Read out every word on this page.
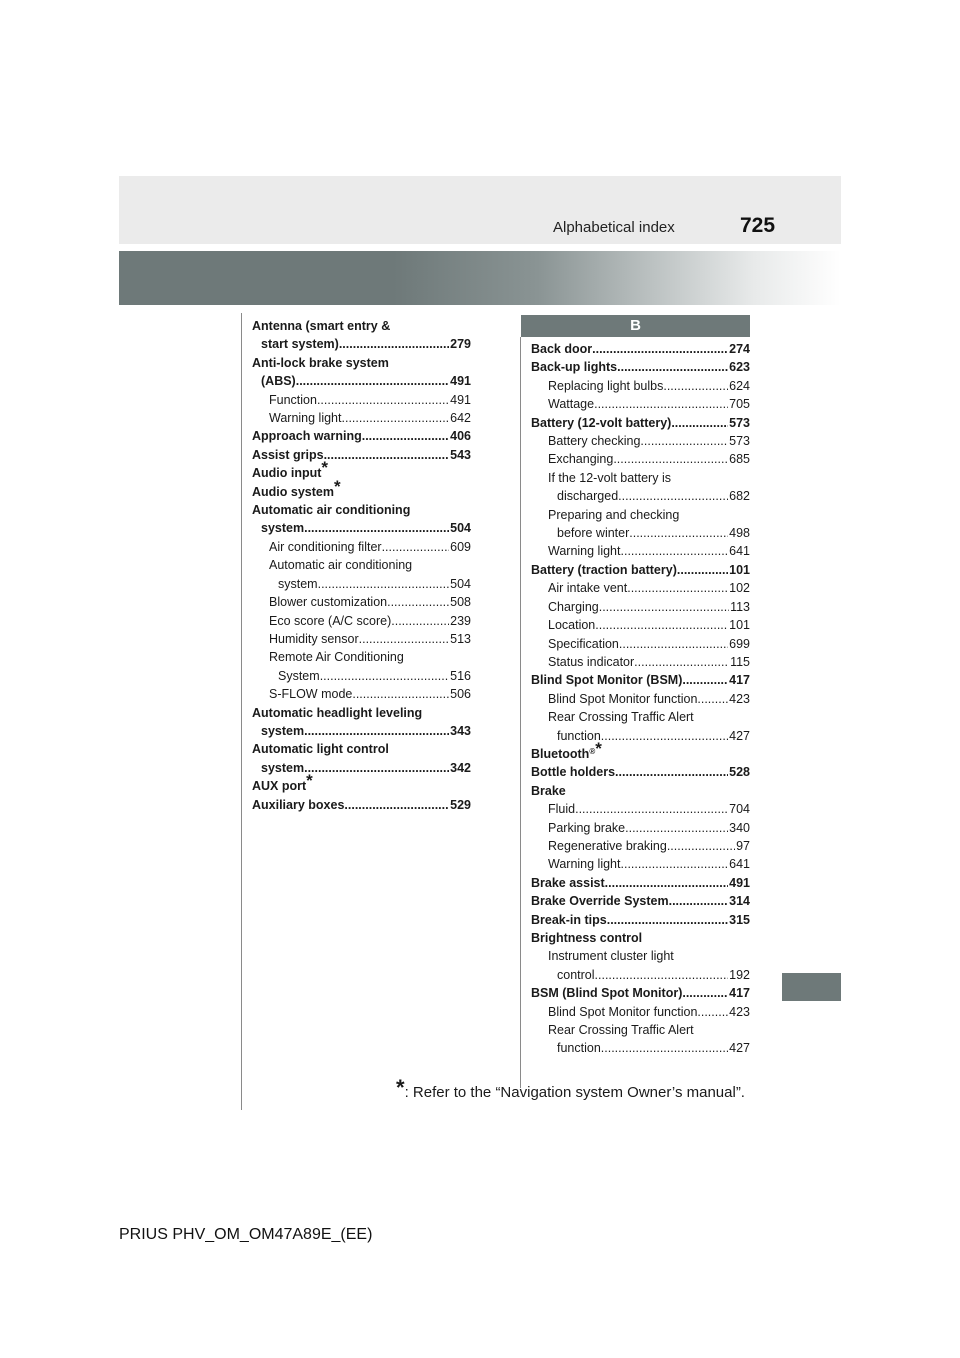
Alphabetical index	725
Antenna (smart entry &
start system) .....	279
Anti-lock brake system
(ABS) .....	491
Function .....	491
Warning light .....	642
Approach warning .....	406
Assist grips .....	543
Audio input*
Audio system*
Automatic air conditioning
system .....	504
Air conditioning filter .....	609
Automatic air conditioning
system .....	504
Blower customization .....	508
Eco score (A/C score) .....	239
Humidity sensor .....	513
Remote Air Conditioning
System .....	516
S-FLOW mode .....	506
Automatic headlight leveling
system .....	343
Automatic light control
system .....	342
AUX port*
Auxiliary boxes .....	529
B
Back door .....	274
Back-up lights .....	623
Replacing light bulbs .....	624
Wattage .....	705
Battery (12-volt battery) .....	573
Battery checking .....	573
Exchanging .....	685
If the 12-volt battery is
discharged .....	682
Preparing and checking
before winter .....	498
Warning light .....	641
Battery (traction battery) .....	101
Air intake vent .....	102
Charging .....	113
Location .....	101
Specification .....	699
Status indicator .....	115
Blind Spot Monitor (BSM) .....	417
Blind Spot Monitor function .....	423
Rear Crossing Traffic Alert
function .....	427
Bluetooth®*
Bottle holders .....	528
Brake
Fluid .....	704
Parking brake .....	340
Regenerative braking .....	97
Warning light .....	641
Brake assist .....	491
Brake Override System .....	314
Break-in tips .....	315
Brightness control
Instrument cluster light
control .....	192
BSM (Blind Spot Monitor) .....	417
Blind Spot Monitor function .....	423
Rear Crossing Traffic Alert
function .....	427
*: Refer to the “Navigation system Owner’s manual”.
PRIUS PHV_OM_OM47A89E_(EE)
